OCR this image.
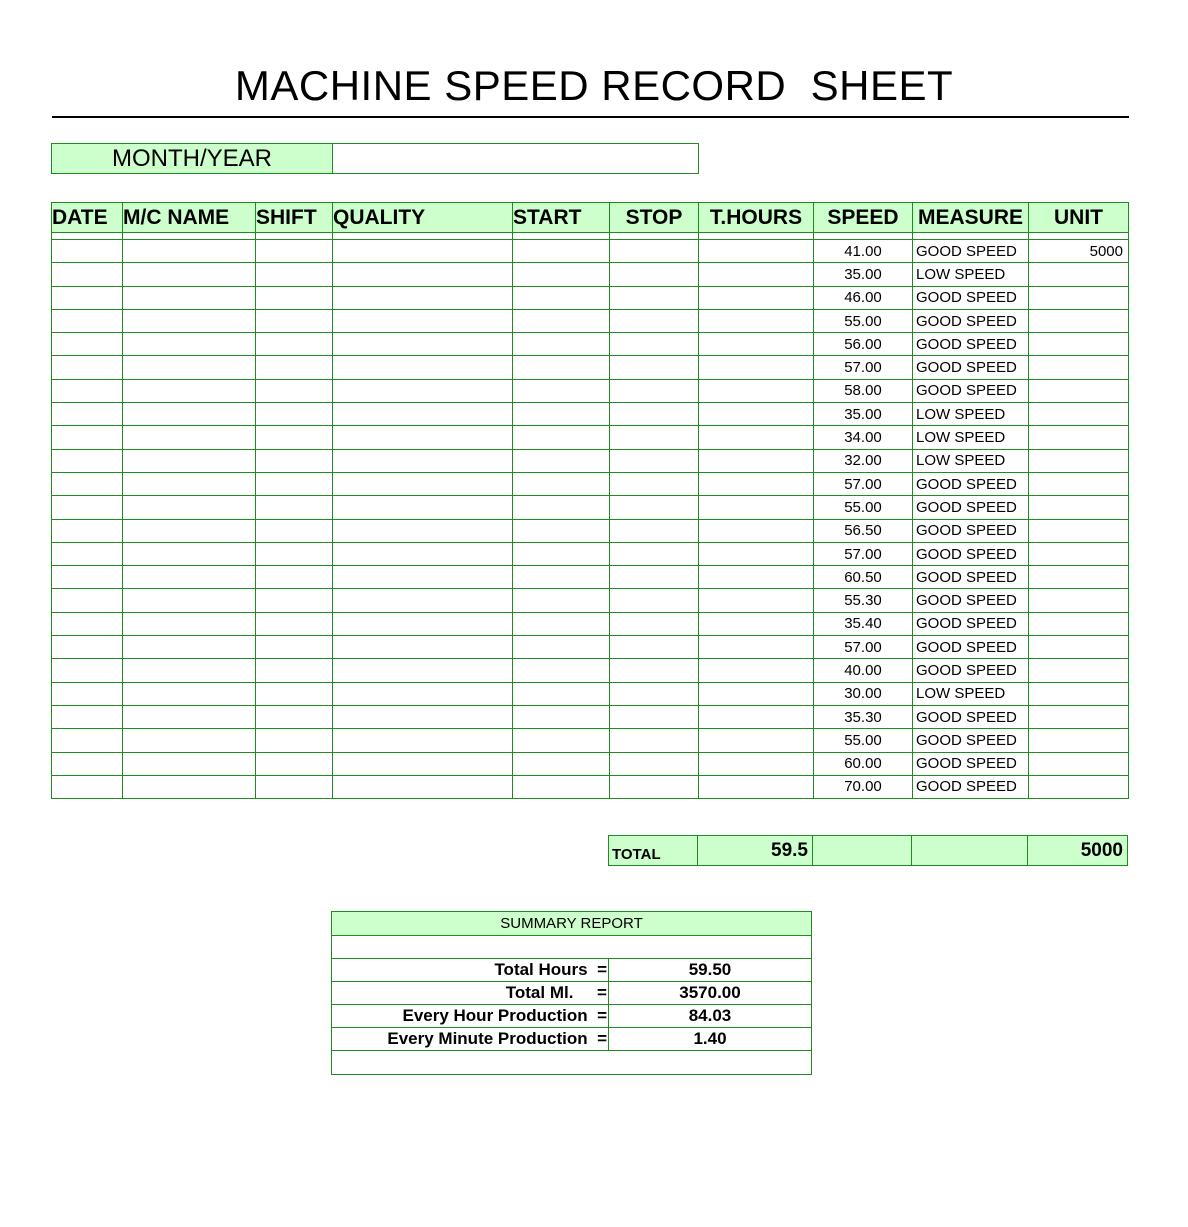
MACHINE SPEED RECORD  SHEET
MONTH/YEAR	
DATE	M/C NAME	SHIFT	QUALITY	START	STOP	T.HOURS	SPEED	MEASURE	UNIT

							41.00	GOOD SPEED	5000
							35.00	LOW SPEED	
							46.00	GOOD SPEED	
							55.00	GOOD SPEED	
							56.00	GOOD SPEED	
							57.00	GOOD SPEED	
							58.00	GOOD SPEED	
							35.00	LOW SPEED	
							34.00	LOW SPEED	
							32.00	LOW SPEED	
							57.00	GOOD SPEED	
							55.00	GOOD SPEED	
							56.50	GOOD SPEED	
							57.00	GOOD SPEED	
							60.50	GOOD SPEED	
							55.30	GOOD SPEED	
							35.40	GOOD SPEED	
							57.00	GOOD SPEED	
							40.00	GOOD SPEED	
							30.00	LOW SPEED	
							35.30	GOOD SPEED	
							55.00	GOOD SPEED	
							60.00	GOOD SPEED	
							70.00	GOOD SPEED	
TOTAL	59.5			5000
SUMMARY REPORT	

Total Hours  =	59.50
Total Ml.     =	3570.00
Every Hour Production  =	84.03
Every Minute Production  =	1.40
